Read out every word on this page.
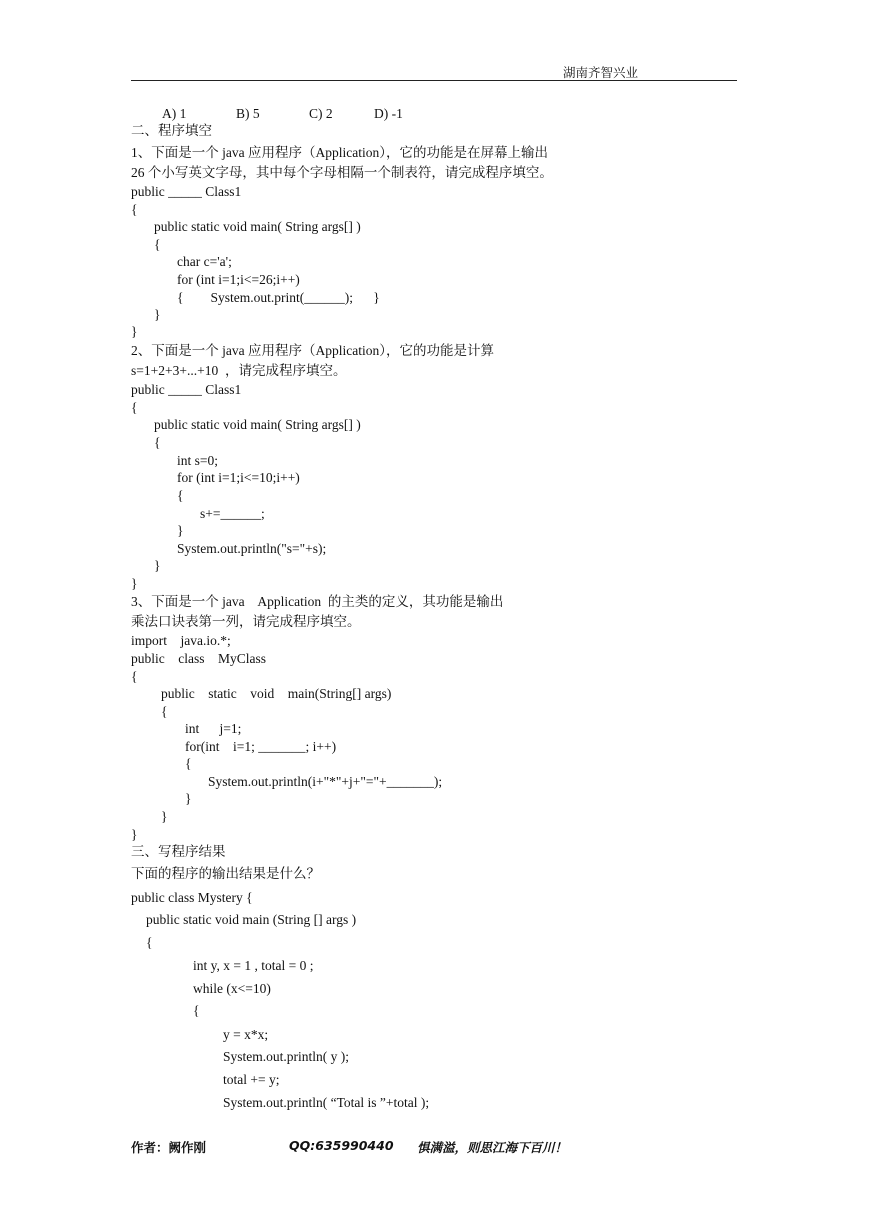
湖南齐智兴业
A) 1	B) 5	C) 2	D) -1
二、程序填空
1、下面是一个 java 应用程序（Application），它的功能是在屏幕上输出
26 个小写英文字母，其中每个字母相隔一个制表符，请完成程序填空。
public _____ Class1
{
public static void main( String args[] )
{
char c='a';
for (int i=1;i<=26;i++)
{        System.out.print(______);      }
}
}
2、下面是一个 java 应用程序（Application），它的功能是计算
s=1+2+3+...+10  ，请完成程序填空。
public _____ Class1
{
public static void main( String args[] )
{
int s=0;
for (int i=1;i<=10;i++)
{
s+=______;
}
System.out.println("s="+s);
}
}
3、下面是一个 java    Application  的主类的定义，其功能是输出
乘法口诀表第一列，请完成程序填空。
import    java.io.*;
public    class    MyClass
{
public    static    void    main(String[] args)
{
int      j=1;
for(int    i=1; _______; i++)
{
System.out.println(i+"*"+j+"="+_______);
}
}
}
三、写程序结果
下面的程序的输出结果是什么？
public class Mystery {
public static void main (String [] args )
{
int y, x = 1 , total = 0 ;
while (x<=10)
{
y = x*x;
System.out.println( y );
total += y;
System.out.println( “Total is ”+total );
作者：阙作刚	QQ:635990440 惧满溢，则思江海下百川！
